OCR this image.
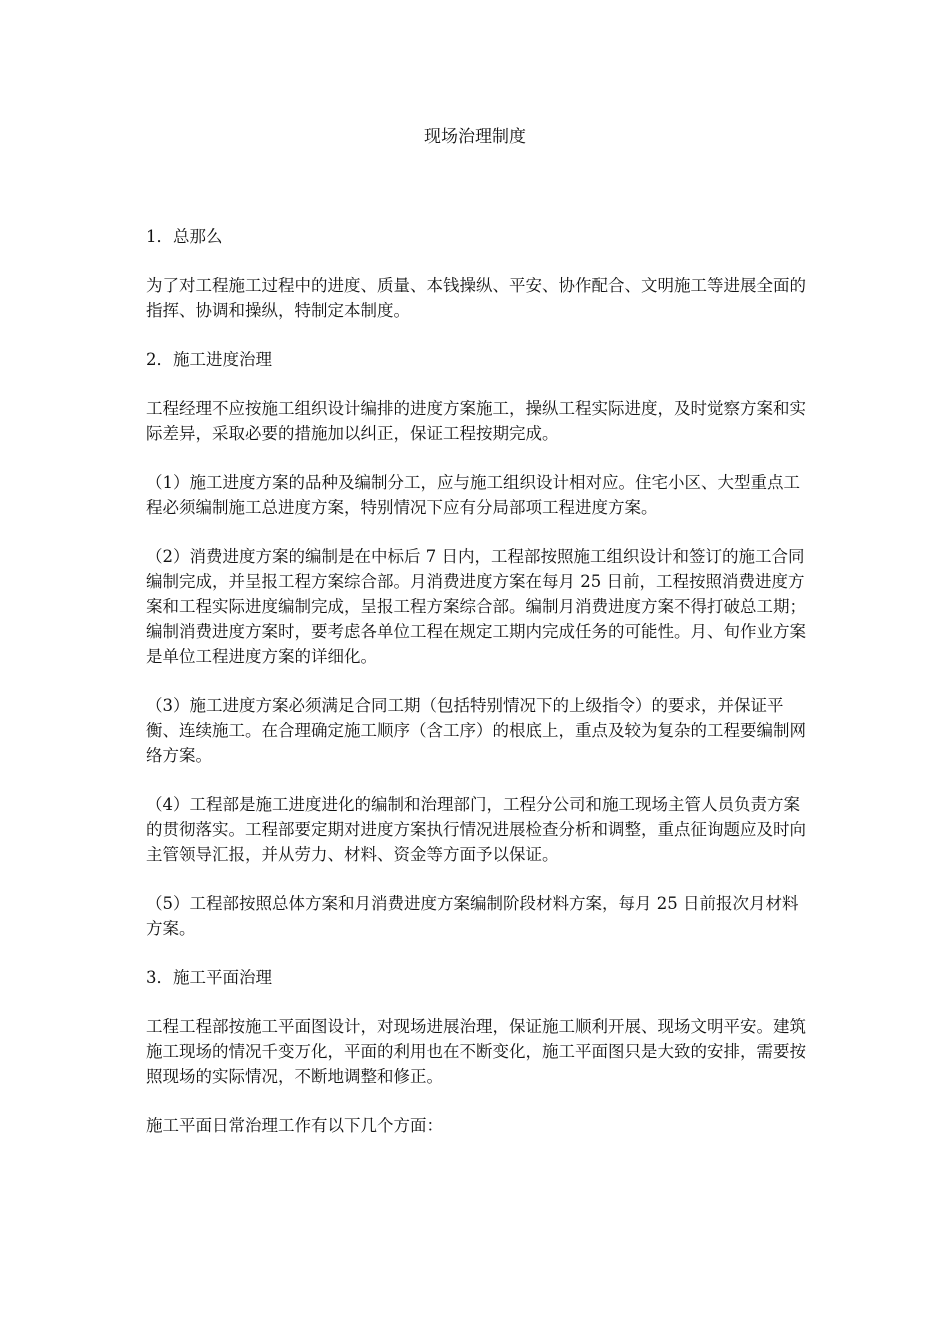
现场治理制度
1．总那么

为了对工程施工过程中的进度、质量、本钱操纵、平安、协作配合、文明施工等进展全面的指挥、协调和操纵，特制定本制度。

2．施工进度治理

工程经理不应按施工组织设计编排的进度方案施工，操纵工程实际进度，及时觉察方案和实际差异，采取必要的措施加以纠正，保证工程按期完成。

（1）施工进度方案的品种及编制分工，应与施工组织设计相对应。住宅小区、大型重点工程必须编制施工总进度方案，特别情况下应有分局部项工程进度方案。

（2）消费进度方案的编制是在中标后 7 日内，工程部按照施工组织设计和签订的施工合同编制完成，并呈报工程方案综合部。月消费进度方案在每月 25 日前，工程按照消费进度方案和工程实际进度编制完成，呈报工程方案综合部。编制月消费进度方案不得打破总工期；编制消费进度方案时，要考虑各单位工程在规定工期内完成任务的可能性。月、旬作业方案是单位工程进度方案的详细化。

（3）施工进度方案必须满足合同工期（包括特别情况下的上级指令）的要求，并保证平衡、连续施工。在合理确定施工顺序（含工序）的根底上，重点及较为复杂的工程要编制网络方案。

（4）工程部是施工进度进化的编制和治理部门，工程分公司和施工现场主管人员负责方案的贯彻落实。工程部要定期对进度方案执行情况进展检查分析和调整，重点征询题应及时向主管领导汇报，并从劳力、材料、资金等方面予以保证。

（5）工程部按照总体方案和月消费进度方案编制阶段材料方案，每月 25 日前报次月材料方案。

3．施工平面治理

工程工程部按施工平面图设计，对现场进展治理，保证施工顺利开展、现场文明平安。建筑施工现场的情况千变万化，平面的利用也在不断变化，施工平面图只是大致的安排，需要按照现场的实际情况，不断地调整和修正。

施工平面日常治理工作有以下几个方面：
